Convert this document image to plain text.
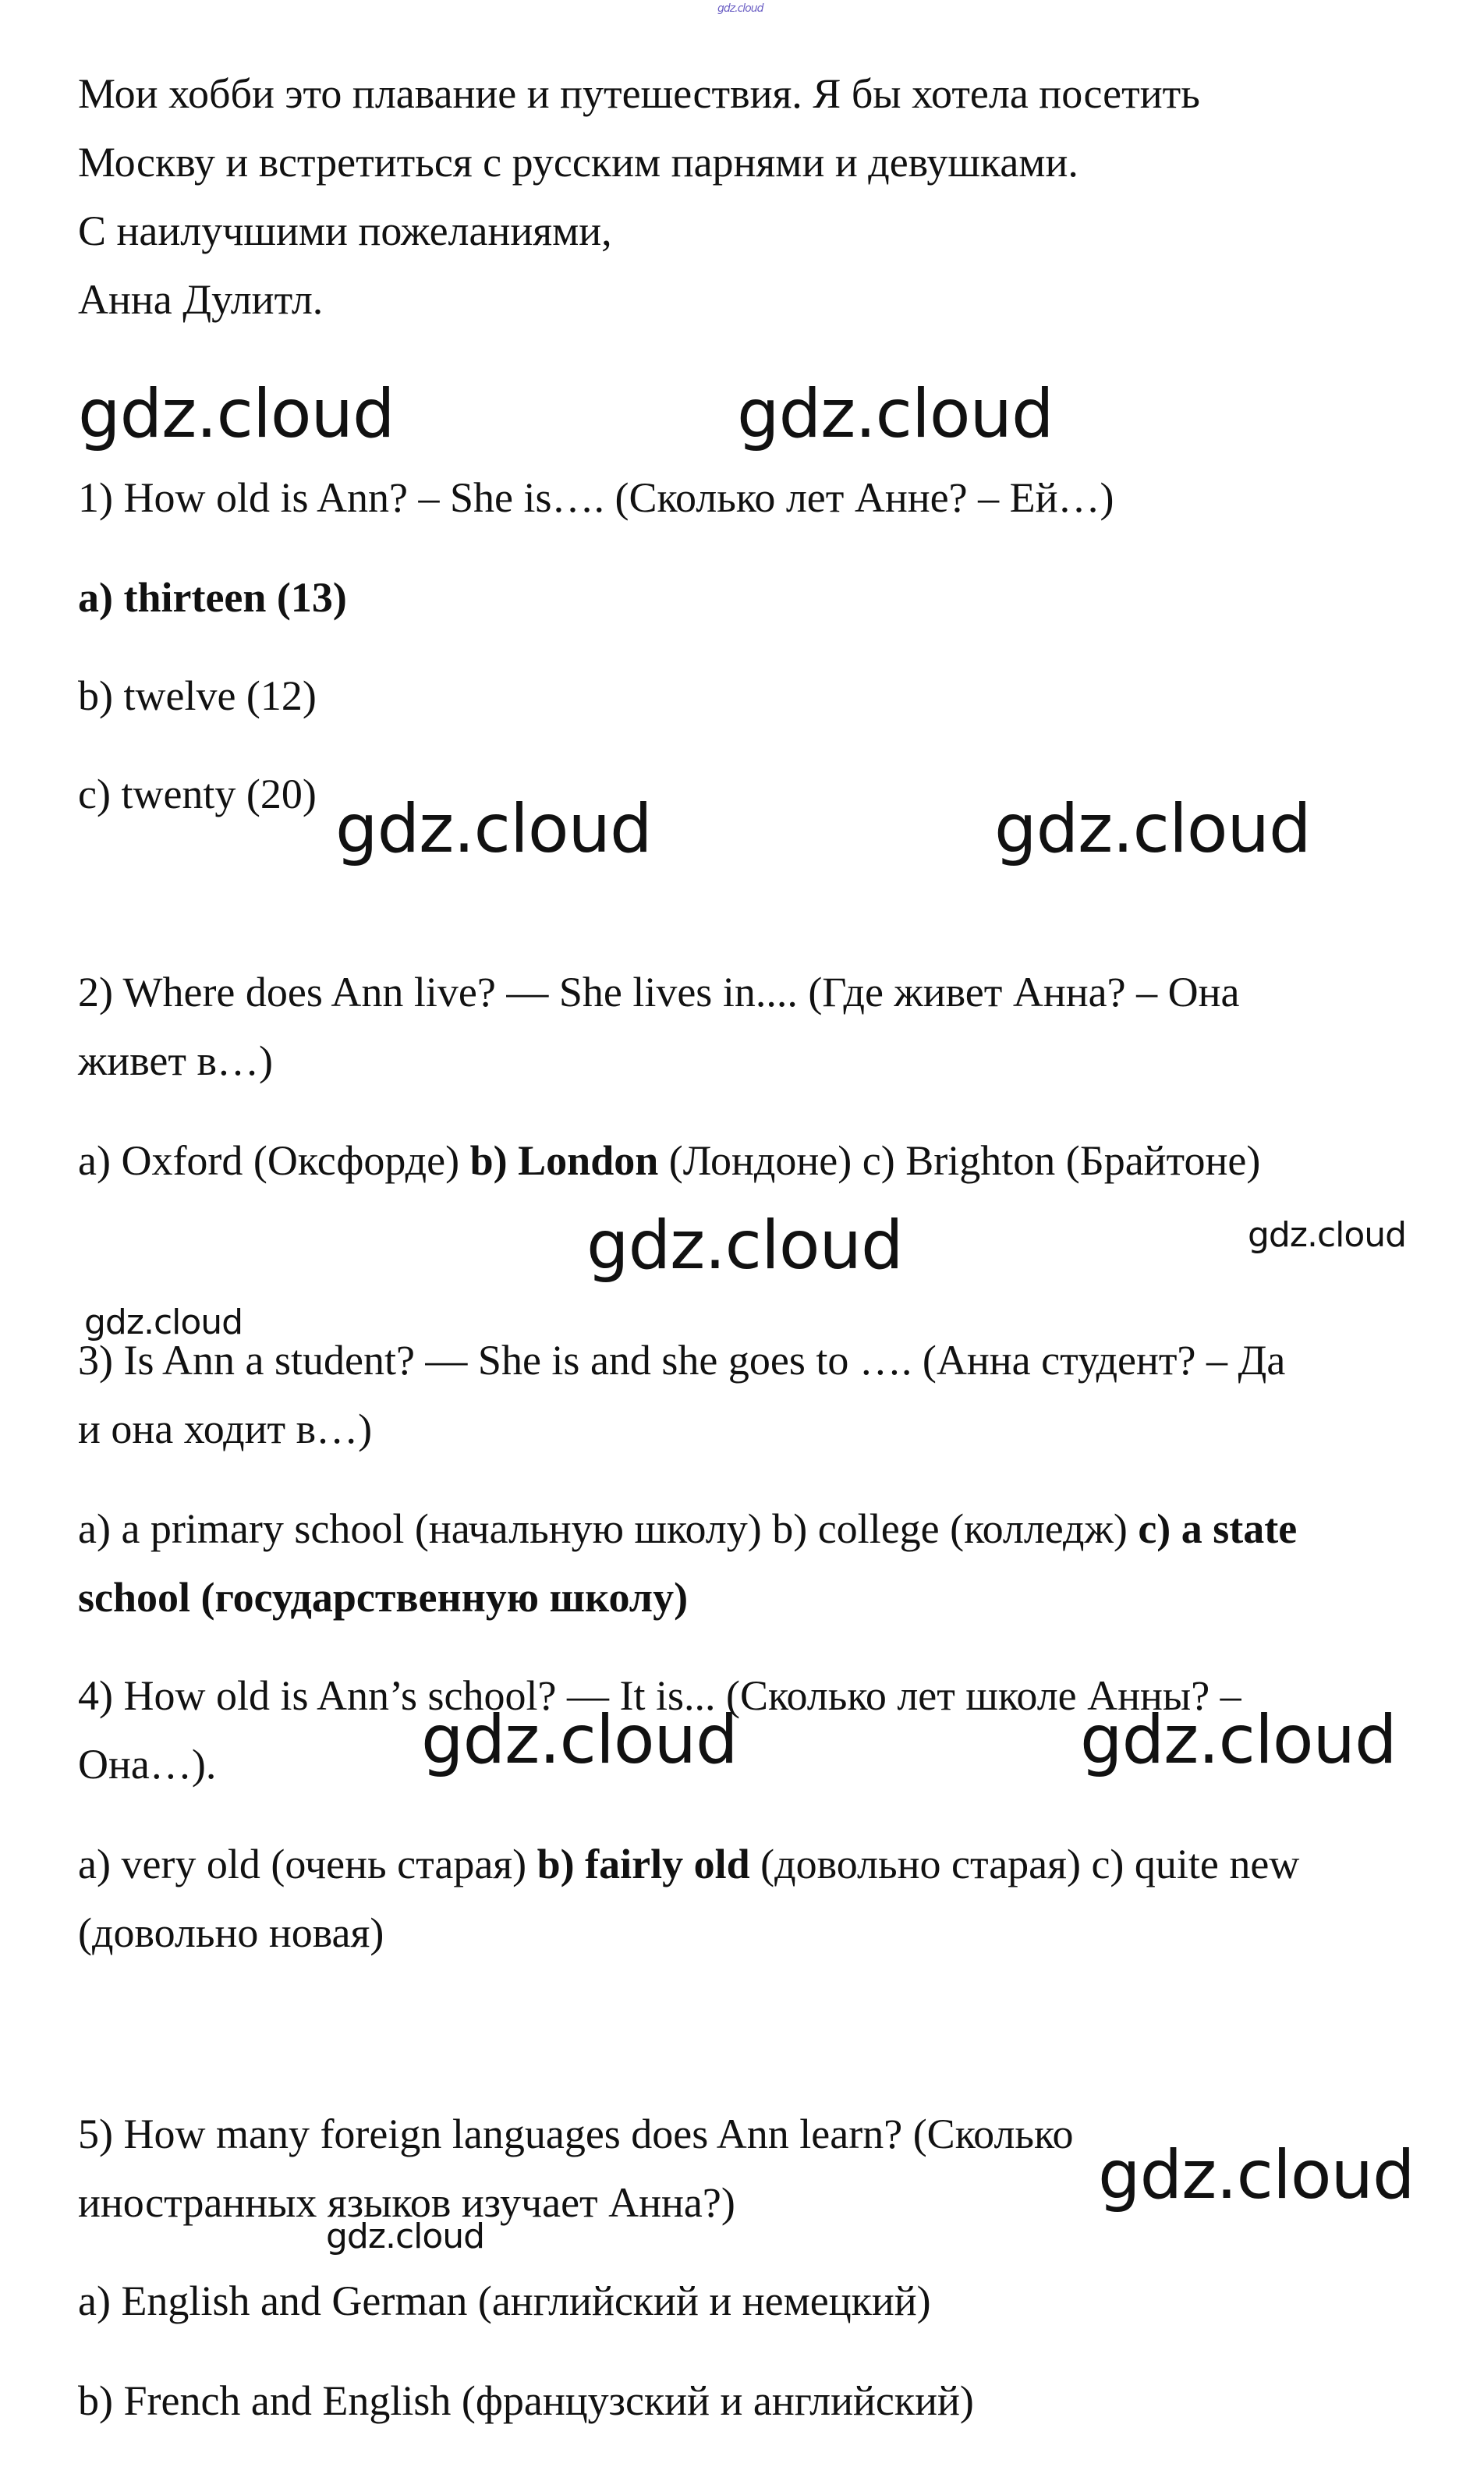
gdz.cloud
Мои хобби это плавание и путешествия. Я бы хотела посетить
Москву и встретиться с русским парнями и девушками.
С наилучшими пожеланиями,
Анна Дулитл.
gdz.cloud	gdz.cloud
1) How old is Ann? – She is…. (Сколько лет Анне? – Ей…)
a) thirteen (13)
b) twelve (12)
c) twenty (20) gdz.cloud	gdz.cloud
2) Where does Ann live? — She lives in.... (Где живет Анна? – Она
живет в…)
a) Oxford (Оксфорде) b) London (Лондоне) c) Brighton (Брайтоне)
gdz.cloud	gdz.cloud
gdz.cloud
3) Is Ann a student? — She is and she goes to …. (Анна студент? – Да
и она ходит в…)
a) a primary school (начальную школу) b) college (колледж) c) a state
school (государственную школу)
4) How old is Ann’s school? — It is... (Сколько лет школе Анны? –
Она…).	gdz.cloud	gdz.cloud
a) very old (очень старая) b) fairly old (довольно старая) c) quite new
(довольно новая)
5) How many foreign languages does Ann learn? (Сколько
иностранных языков изучает Анна?)	gdz.cloud
gdz.cloud
a) English and German (английский и немецкий)
b) French and English (французский и английский)
